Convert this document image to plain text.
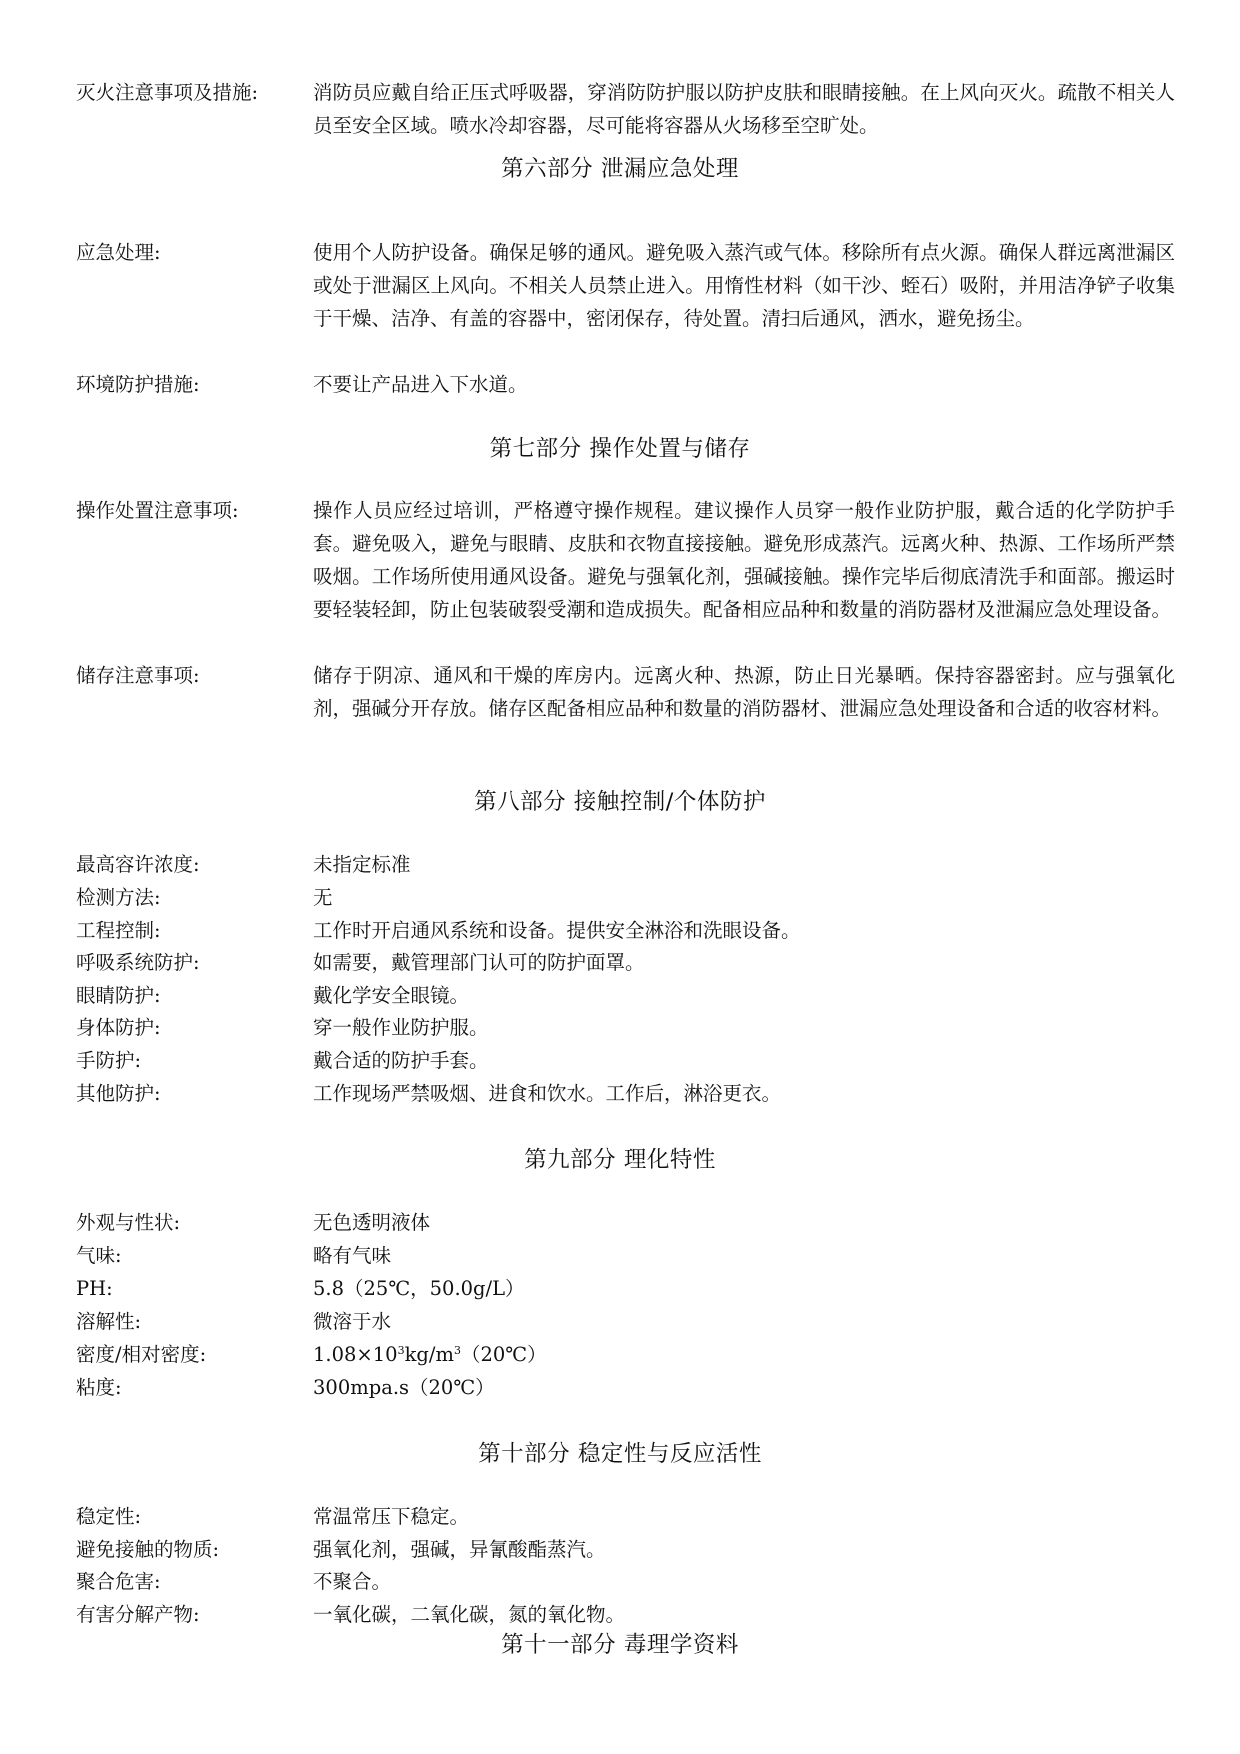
灭火注意事项及措施:	消防员应戴自给正压式呼吸器，穿消防防护服以防护皮肤和眼睛接触。在上风向灭火。疏散不相关人员至安全区域。喷水冷却容器，尽可能将容器从火场移至空旷处。
第六部分 泄漏应急处理
应急处理:	使用个人防护设备。确保足够的通风。避免吸入蒸汽或气体。移除所有点火源。确保人群远离泄漏区或处于泄漏区上风向。不相关人员禁止进入。用惰性材料（如干沙、蛭石）吸附，并用洁净铲子收集于干燥、洁净、有盖的容器中，密闭保存，待处置。清扫后通风，洒水，避免扬尘。
环境防护措施:	不要让产品进入下水道。
第七部分 操作处置与储存
操作处置注意事项:	操作人员应经过培训，严格遵守操作规程。建议操作人员穿一般作业防护服，戴合适的化学防护手套。避免吸入，避免与眼睛、皮肤和衣物直接接触。避免形成蒸汽。远离火种、热源、工作场所严禁吸烟。工作场所使用通风设备。避免与强氧化剂，强碱接触。操作完毕后彻底清洗手和面部。搬运时要轻装轻卸，防止包装破裂受潮和造成损失。配备相应品种和数量的消防器材及泄漏应急处理设备。
储存注意事项:	储存于阴凉、通风和干燥的库房内。远离火种、热源，防止日光暴晒。保持容器密封。应与强氧化剂，强碱分开存放。储存区配备相应品种和数量的消防器材、泄漏应急处理设备和合适的收容材料。
第八部分 接触控制/个体防护
最高容许浓度:	未指定标准
检测方法:	无
工程控制:	工作时开启通风系统和设备。提供安全淋浴和洗眼设备。
呼吸系统防护:	如需要，戴管理部门认可的防护面罩。
眼睛防护:	戴化学安全眼镜。
身体防护:	穿一般作业防护服。
手防护:	戴合适的防护手套。
其他防护:	工作现场严禁吸烟、进食和饮水。工作后，淋浴更衣。
第九部分 理化特性
外观与性状:	无色透明液体
气味:	略有气味
PH:	5.8（25℃，50.0g/L）
溶解性:	微溶于水
密度/相对密度:	$1.08\times 10^3kg/m^3(20℃)$
粘度:	300mpa.s（20℃）
第十部分 稳定性与反应活性
稳定性:	常温常压下稳定。
避免接触的物质:	强氧化剂，强碱，异氰酸酯蒸汽。
聚合危害:	不聚合。
有害分解产物:	一氧化碳，二氧化碳，氮的氧化物。
第十一部分 毒理学资料
